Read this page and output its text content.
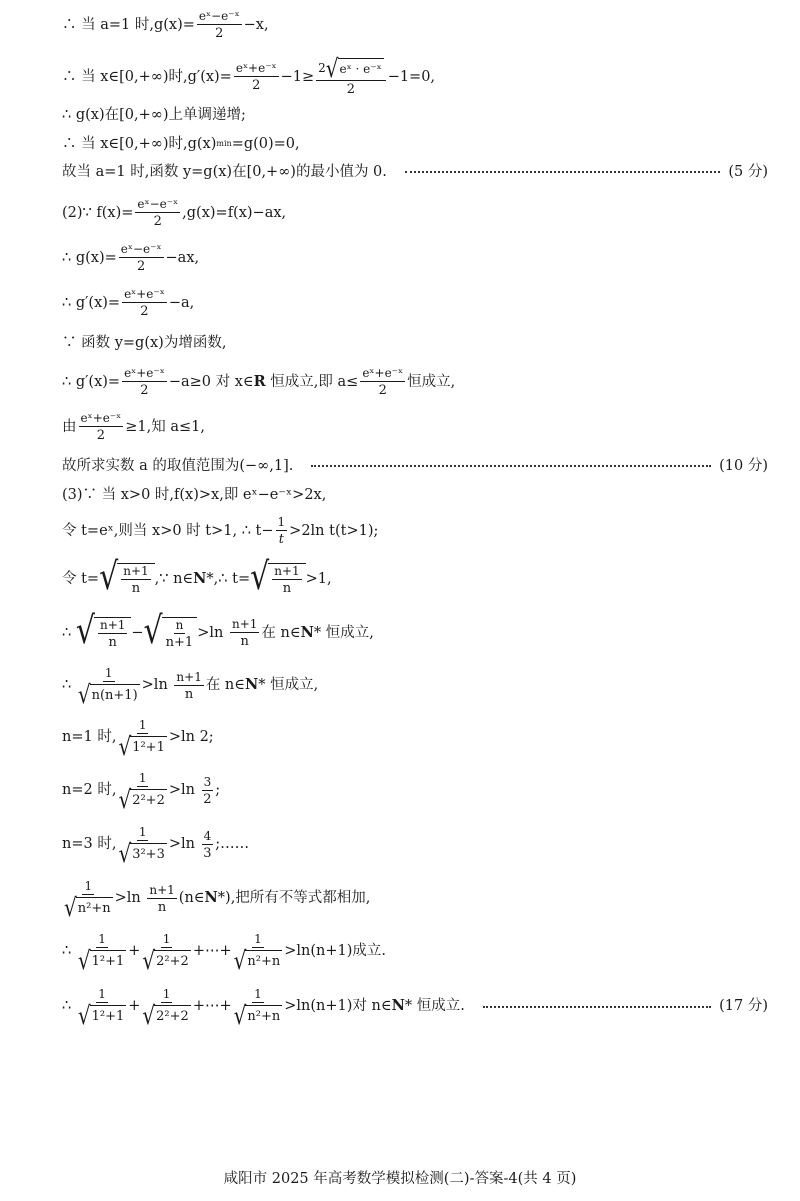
∴ 当 a=1 时$,g(x)= \frac{\text{eˣ−e⁻ˣ}}{2} -x$,
∴ 当 x∈[0,+∞)时$,g'(x)= \frac{\text{eˣ+e⁻ˣ}}{2} -1\ge \frac{\text{2 √ eˣ · e⁻ˣ}}{2} -1=0$,
∴ g(x)在[0,+∞)上单调递增;
∴ 当 x∈[0,+∞)时,g(x) min =g(0)=0,
故当 a=1 时,函数 y=g(x)在[0,+∞)的最小值为 0.	(5 分)
(2)∵ $f(x)= \frac{\text{eˣ−e⁻ˣ}}{2} ,g(x)=f(x)-ax$,
∴ $g(x)= \frac{\text{eˣ−e⁻ˣ}}{2} -ax$,
∴ $g'(x)= \frac{\text{eˣ+e⁻ˣ}}{2} -a$,
∵ 函数 y=g(x)为增函数,
∴ $g'(x)= \frac{\text{eˣ+e⁻ˣ}}{2} -a\ge 0$ 对 x∈ R 恒成立,即 $a\le \frac{\text{eˣ+e⁻ˣ}}{2}$ 恒成立,
由 $\frac{\text{eˣ+e⁻ˣ}}{2} \ge 1$,知 a≤1,
故所求实数 a 的取值范围为(−∞,1].	(10 分)
(3)∵ 当 x>0 时,f(x)>x,即 eˣ−e⁻ˣ>2x,
令 t=eˣ,则当 x>0 时 t>1, ∴ $t- \frac{1}{t} >2\ln$ t(t>1);
令 t= √ $\frac{n+1}{n}$ ,∵ n∈ N *,∴ t= √ $\frac{n+1}{n} >1$,
∴ √ $\frac{n+1}{n}$ − √ $\frac{n}{n+1} >\ln \frac{n+1}{n}$ 在 n∈ N * 恒成立,
∴ $\frac{1}{√ n(n+1)} >\ln \frac{n+1}{n}$ 在 n∈ N * 恒成立,
n=1 时, $\frac{1}{\text{√ 1²+1}} >\ln$ 2;
n=2 时, $\frac{1}{\text{√ 2²+2}} >\ln \frac{3}{2}$ ;
n=3 时, $\frac{1}{\text{√ 3²+3}} >\ln \frac{4}{3}$ ;……
$\frac{1}{\text{√ n²+n}} >\ln \frac{n+1}{n}$ (n∈ N *),把所有不等式都相加,
∴ $\frac{1}{\text{√ 1²+1}} + \frac{1}{\text{√ 2²+2}}$ +⋯+ $\frac{1}{\text{√ n²+n}} >\ln(n+1)$成立.
∴ $\frac{1}{\text{√ 1²+1}} + \frac{1}{\text{√ 2²+2}}$ +⋯+ $\frac{1}{\text{√ n²+n}} >\ln(n+1)$对 n∈ N * 恒成立.	(17 分)
咸阳市 2025 年高考数学模拟检测(二)-答案-4(共 4 页)
